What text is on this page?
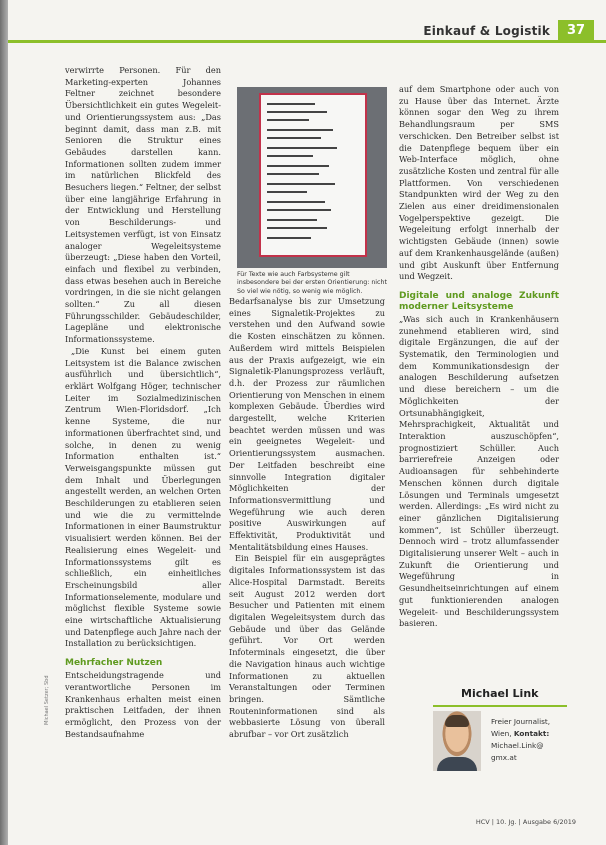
Einkauf & Logistik	37

verwirrte Personen. Für den Marketing-experten Johannes Feltner zeichnet besondere Übersichtlichkeit ein gutes Wegeleit- und Orientierungssystem aus: „Das beginnt damit, dass man z.B. mit Senioren die Struktur eines Gebäudes darstellen kann. Informationen sollten zudem immer im natürlichen Blickfeld des Besuchers liegen.“ Feltner, der selbst über eine langjährige Erfahrung in der Entwicklung und Herstellung von Beschilderungs- und Leitsystemen verfügt, ist von Einsatz analoger Wegeleitsysteme überzeugt: „Diese haben den Vorteil, einfach und flexibel zu verbinden, dass etwas besehen auch in Bereiche vordringen, in die sie nicht gelangen sollten.“ Zu all diesen Führungsschilder. Gebäudeschilder, Lagepläne und elektronische Informationssysteme.

„Die Kunst bei einem guten Leitsystem ist die Balance zwischen ausführlich und übersichtlich“, erklärt Wolfgang Höger, technischer Leiter im Sozialmedizinischen Zentrum Wien-Floridsdorf. „Ich kenne Systeme, die nur informationen überfrachtet sind, und solche, in denen zu wenig Information enthalten ist.“ Verweisgangspunkte müssen gut dem Inhalt und Überlegungen angestellt werden, an welchen Orten Beschilderungen zu etablieren seien und wie die zu vermittelnde Informationen in einer Baumstruktur visualisiert werden können. Bei der Realisierung eines Wegeleit- und Informationssystems gilt es schließlich, ein einheitliches Erscheinungsbild aller Informationselemente, modulare und möglichst flexible Systeme sowie eine wirtschaftliche Aktualisierung und Datenpflege auch Jahre nach der Installation zu berücksichtigen.

Mehrfacher Nutzen

Entscheidungstragende und verantwortliche Personen im Krankenhaus erhalten meist einen praktischen Leitfaden, der ihnen ermöglicht, den Prozess von der Bestandsaufnahme

Für Texte wie auch Farbsysteme gilt insbesondere bei der ersten Orientierung: nicht So viel wie nötig, so wenig wie möglich.

Bedarfsanalyse bis zur Umsetzung eines Signaletik-Projektes zu verstehen und den Aufwand sowie die Kosten einschätzen zu können. Außerdem wird mittels Beispielen aus der Praxis aufgezeigt, wie ein Signaletik-Planungsprozess verläuft, d.h. der Prozess zur räumlichen Orientierung von Menschen in einem komplexen Gebäude. Überdies wird dargestellt, welche Kriterien beachtet werden müssen und was ein geeignetes Wegeleit- und Orientierungssystem ausmachen. Der Leitfaden beschreibt eine sinnvolle Integration digitaler Möglichkeiten der Informationsvermittlung und Wegeführung wie auch deren positive Auswirkungen auf Effektivität, Produktivität und Mentalitätsbildung eines Hauses.

Ein Beispiel für ein ausgeprägtes digitales Informationssystem ist das Alice-Hospital Darmstadt. Bereits seit August 2012 werden dort Besucher und Patienten mit einem digitalen Wegeleitsystem durch das Gebäude und über das Gelände geführt. Vor Ort werden Infoterminals eingesetzt, die über die Navigation hinaus auch wichtige Informationen zu aktuellen Veranstaltungen oder Terminen bringen. Sämtliche Routeninformationen sind als webbasierte Lösung von überall abrufbar – vor Ort zusätzlich

auf dem Smartphone oder auch von zu Hause über das Internet. Ärzte können sogar den Weg zu ihrem Behandlungsraum per SMS verschicken. Den Betreiber selbst ist die Datenpflege bequem über ein Web-Interface möglich, ohne zusätzliche Kosten und zentral für alle Plattformen. Von verschiedenen Standpunkten wird der Weg zu den Zielen aus einer dreidimensionalen Vogelperspektive gezeigt. Die Wegeleitung erfolgt innerhalb der wichtigsten Gebäude (innen) sowie auf dem Krankenhausgelände (außen) und gibt Auskunft über Entfernung und Wegzeit.

Digitale und analoge Zukunft moderner Leitsysteme

„Was sich auch in Krankenhäusern zunehmend etablieren wird, sind digitale Ergänzungen, die auf der Systematik, den Terminologien und dem Kommunikationsdesign der analogen Beschilderung aufsetzen und diese bereichern – um die Möglichkeiten der Ortsunabhängigkeit, Mehrsprachigkeit, Aktualität und Interaktion auszuschöpfen“, prognostiziert Schüller. Auch barrierefreie Anzeigen oder Audioansagen für sehbehinderte Menschen können durch digitale Lösungen und Terminals umgesetzt werden. Allerdings: „Es wird nicht zu einer gänzlichen Digitalisierung kommen“, ist Schüller überzeugt. Dennoch wird – trotz allumfassender Digitalisierung unserer Welt – auch in Zukunft die Orientierung und Wegeführung in Gesundheitseinrichtungen auf einem gut funktionierenden analogen Wegeleit- und Beschilderungssystem basieren.

Michael Link
Freier Journalist,
Wien, Kontakt:
Michael.Link@
gmx.at
Michael Setzer; Sbd
HCV | 10. Jg. | Ausgabe 6/2019
